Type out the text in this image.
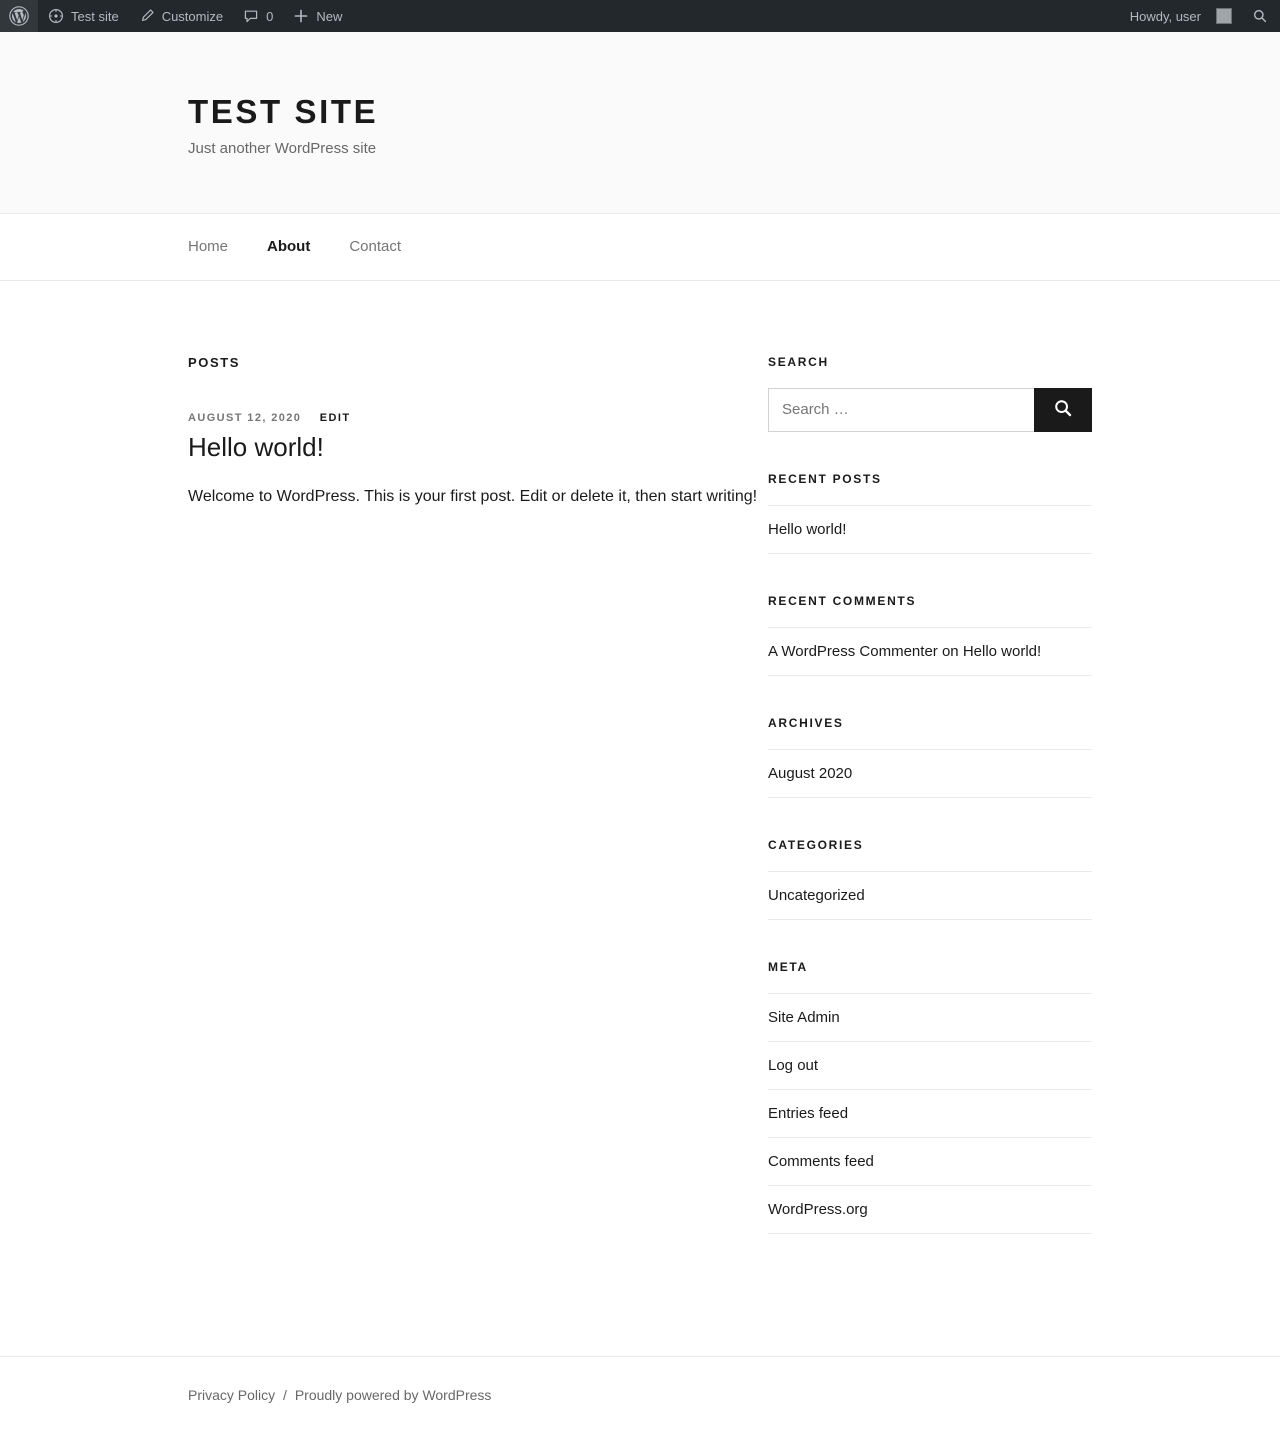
Test site	Customize	0	New	Howdy, user
TEST SITE

Just another WordPress site

Home	About	Contact
POSTS
AUGUST 12, 2020 EDIT
Hello world!

Welcome to WordPress. This is your first post. Edit or delete it, then start writing!

SEARCH
Search …
RECENT POSTS
Hello world!
RECENT COMMENTS
A WordPress Commenter on Hello world!
ARCHIVES
August 2020
CATEGORIES
Uncategorized
META
Site Admin
Log out
Entries feed
Comments feed
WordPress.org
Privacy Policy / Proudly powered by WordPress
